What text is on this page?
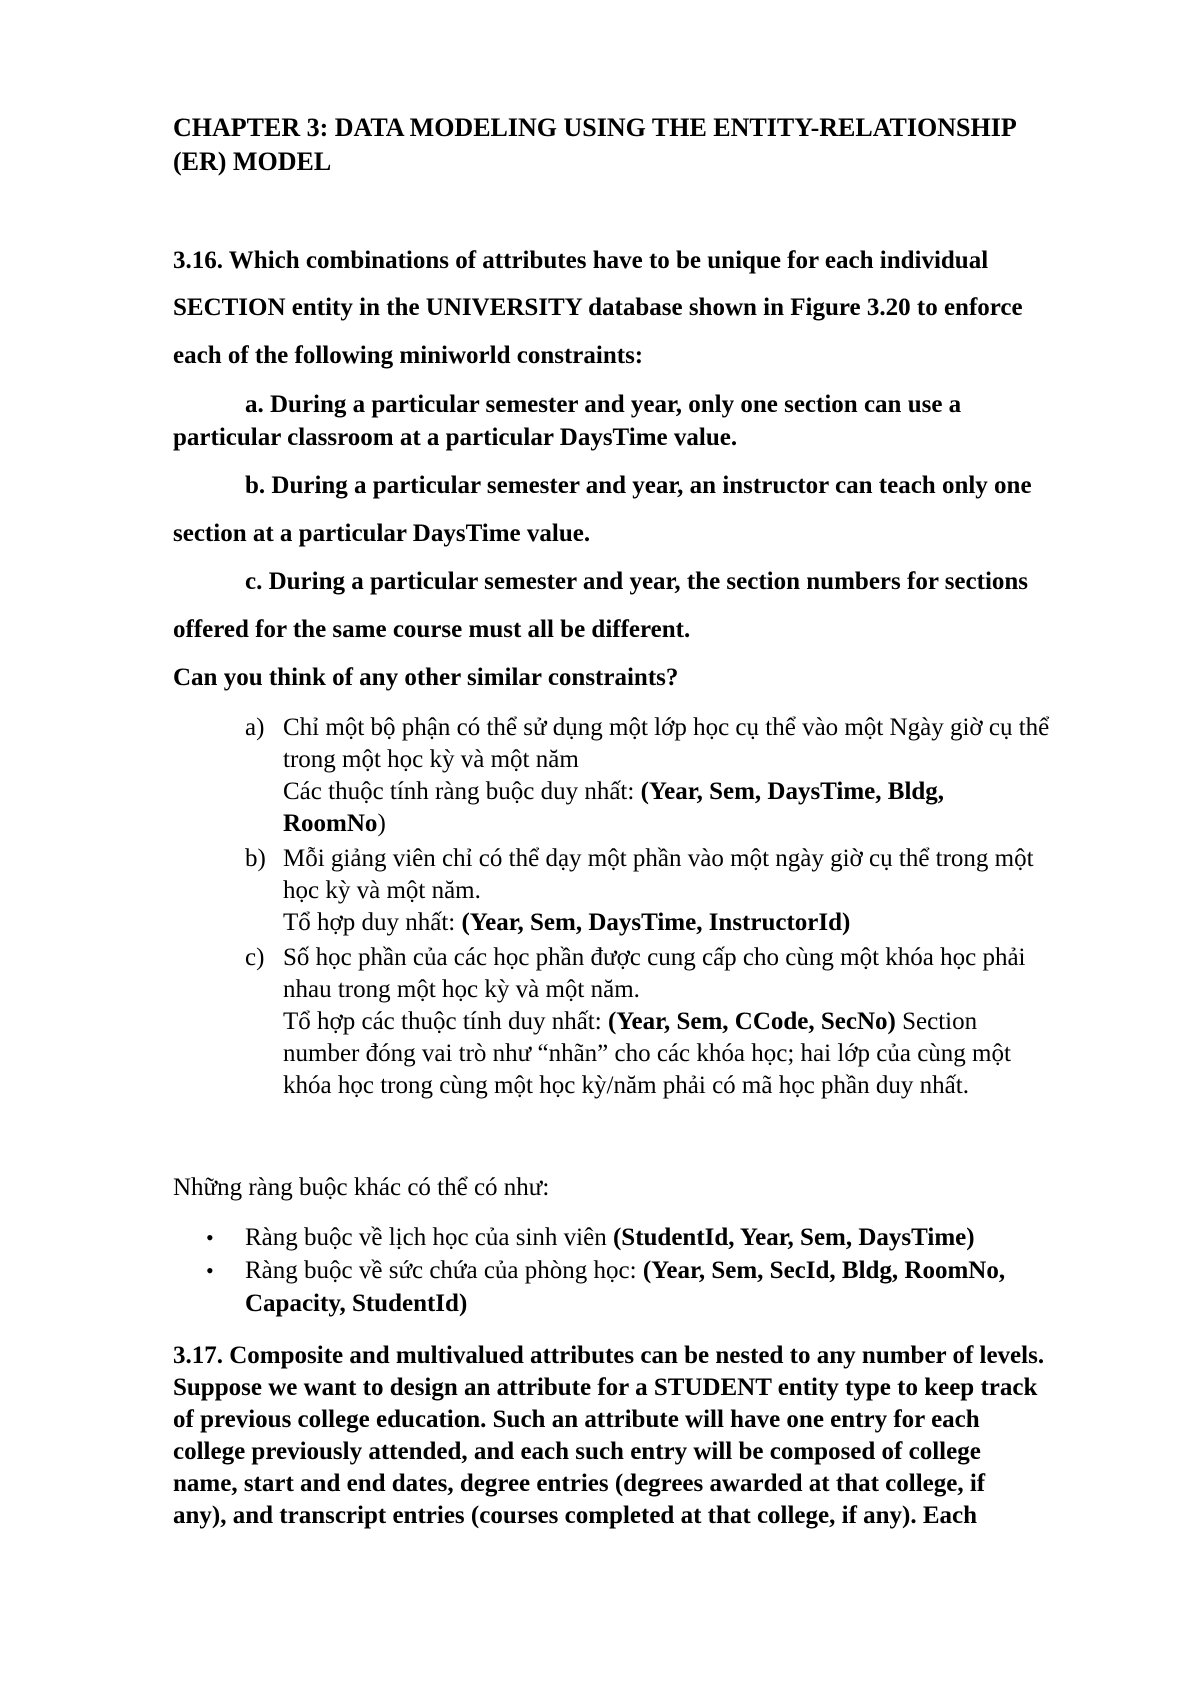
CHAPTER 3: DATA MODELING USING THE ENTITY-RELATIONSHIP
(ER) MODEL
3.16. Which combinations of attributes have to be unique for each individual
SECTION entity in the UNIVERSITY database shown in Figure 3.20 to enforce
each of the following miniworld constraints:
a. During a particular semester and year, only one section can use a
particular classroom at a particular DaysTime value.
b. During a particular semester and year, an instructor can teach only one
section at a particular DaysTime value.
c. During a particular semester and year, the section numbers for sections
offered for the same course must all be different.
Can you think of any other similar constraints?
a) Chỉ một bộ phận có thể sử dụng một lớp học cụ thể vào một Ngày giờ cụ thể
trong một học kỳ và một năm
Các thuộc tính ràng buộc duy nhất: (Year, Sem, DaysTime, Bldg,
RoomNo)
b) Mỗi giảng viên chỉ có thể dạy một phần vào một ngày giờ cụ thể trong một
học kỳ và một năm.
Tổ hợp duy nhất: (Year, Sem, DaysTime, InstructorId)
c) Số học phần của các học phần được cung cấp cho cùng một khóa học phải
nhau trong một học kỳ và một năm.
Tổ hợp các thuộc tính duy nhất: (Year, Sem, CCode, SecNo) Section
number đóng vai trò như “nhãn” cho các khóa học; hai lớp của cùng một
khóa học trong cùng một học kỳ/năm phải có mã học phần duy nhất.
Những ràng buộc khác có thể có như:
• Ràng buộc về lịch học của sinh viên (StudentId, Year, Sem, DaysTime)
• Ràng buộc về sức chứa của phòng học: (Year, Sem, SecId, Bldg, RoomNo,
Capacity, StudentId)
3.17. Composite and multivalued attributes can be nested to any number of levels.
Suppose we want to design an attribute for a STUDENT entity type to keep track
of previous college education. Such an attribute will have one entry for each
college previously attended, and each such entry will be composed of college
name, start and end dates, degree entries (degrees awarded at that college, if
any), and transcript entries (courses completed at that college, if any). Each
